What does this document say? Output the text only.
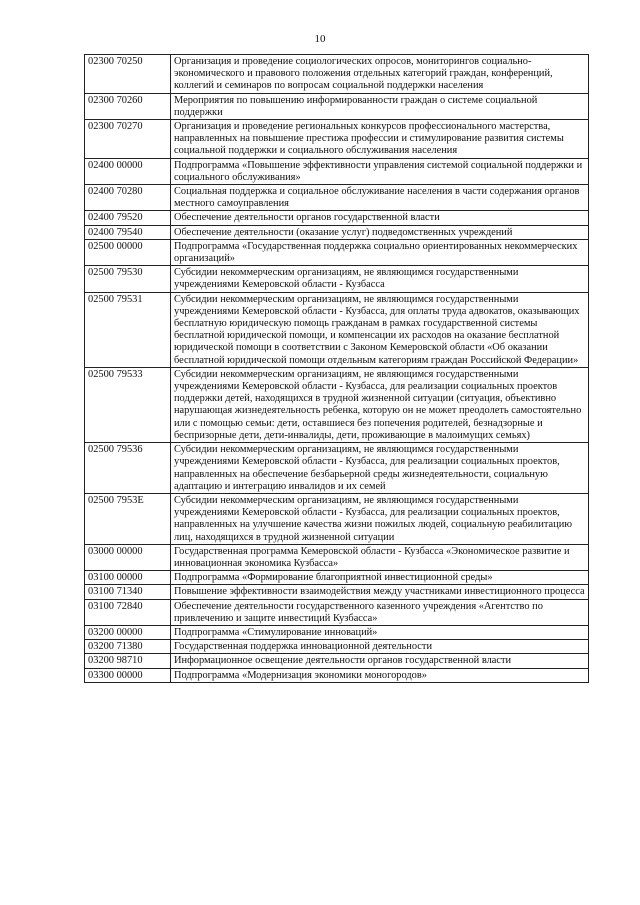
10
02300 70250	Организация и проведение социологических опросов, мониторингов социально-экономического и правового положения отдельных категорий граждан, конференций, коллегий и семинаров по вопросам социальной поддержки населения
02300 70260	Мероприятия по повышению информированности граждан о системе социальной поддержки
02300 70270	Организация и проведение региональных конкурсов профессионального мастерства, направленных на повышение престижа профессии и стимулирование развития системы социальной поддержки и социального обслуживания населения
02400 00000	Подпрограмма «Повышение эффективности управления системой социальной поддержки и социального обслуживания»
02400 70280	Социальная поддержка и социальное обслуживание населения в части содержания органов местного самоуправления
02400 79520	Обеспечение деятельности органов государственной власти
02400 79540	Обеспечение деятельности (оказание услуг) подведомственных учреждений
02500 00000	Подпрограмма «Государственная поддержка социально ориентированных некоммерческих организаций»
02500 79530	Субсидии некоммерческим организациям, не являющимся государственными учреждениями Кемеровской области - Кузбасса
02500 79531	Субсидии некоммерческим организациям, не являющимся государственными учреждениями Кемеровской области - Кузбасса, для оплаты труда адвокатов, оказывающих бесплатную юридическую помощь гражданам в рамках государственной системы бесплатной юридической помощи, и компенсации их расходов на оказание бесплатной юридической помощи в соответствии с Законом Кемеровской области «Об оказании бесплатной юридической помощи отдельным категориям граждан Российской Федерации»
02500 79533	Субсидии некоммерческим организациям, не являющимся государственными учреждениями Кемеровской области - Кузбасса, для реализации социальных проектов поддержки детей, находящихся в трудной жизненной ситуации (ситуация, объективно нарушающая жизнедеятельность ребенка, которую он не может преодолеть самостоятельно или с помощью семьи: дети, оставшиеся без попечения родителей, безнадзорные и беспризорные дети, дети-инвалиды, дети, проживающие в малоимущих семьях)
02500 79536	Субсидии некоммерческим организациям, не являющимся государственными учреждениями Кемеровской области - Кузбасса, для реализации социальных проектов, направленных на обеспечение безбарьерной среды жизнедеятельности, социальную адаптацию и интеграцию инвалидов и их семей
02500 7953Е	Субсидии некоммерческим организациям, не являющимся государственными учреждениями Кемеровской области - Кузбасса, для реализации социальных проектов, направленных на улучшение качества жизни пожилых людей, социальную реабилитацию лиц, находящихся в трудной жизненной ситуации
03000 00000	Государственная программа Кемеровской области - Кузбасса «Экономическое развитие и инновационная экономика Кузбасса»
03100 00000	Подпрограмма «Формирование благоприятной инвестиционной среды»
03100 71340	Повышение эффективности взаимодействия между участниками инвестиционного процесса
03100 72840	Обеспечение деятельности государственного казенного учреждения «Агентство по привлечению и защите инвестиций Кузбасса»
03200 00000	Подпрограмма «Стимулирование инноваций»
03200 71380	Государственная поддержка инновационной деятельности
03200 98710	Информационное освещение деятельности органов государственной власти
03300 00000	Подпрограмма «Модернизация экономики моногородов»
